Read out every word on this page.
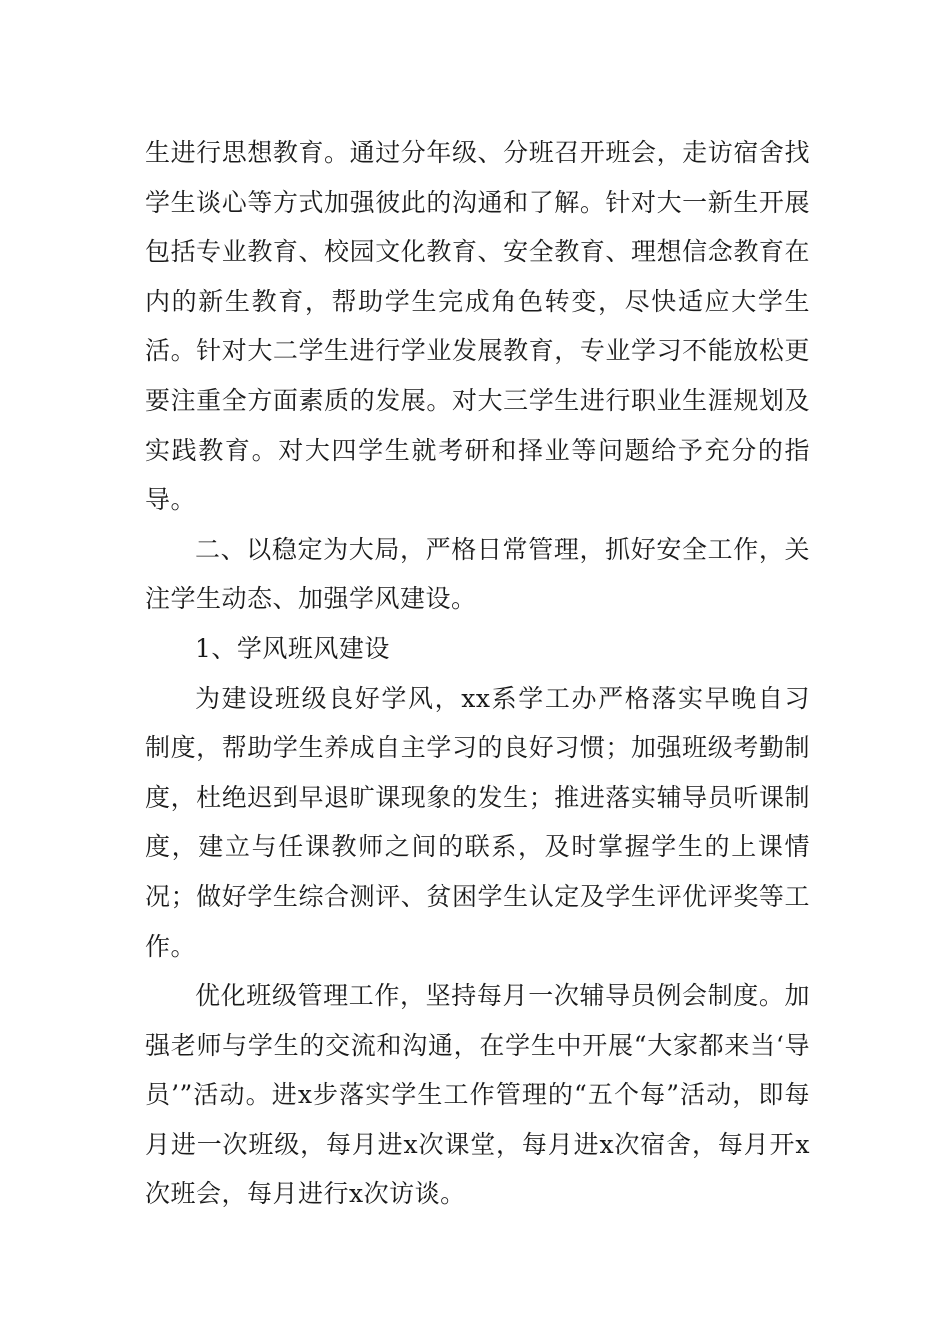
生进行思想教育。通过分年级、分班召开班会，走访宿舍找学生谈心等方式加强彼此的沟通和了解。针对大一新生开展包括专业教育、校园文化教育、安全教育、理想信念教育在内的新生教育，帮助学生完成角色转变，尽快适应大学生活。针对大二学生进行学业发展教育，专业学习不能放松更要注重全方面素质的发展。对大三学生进行职业生涯规划及实践教育。对大四学生就考研和择业等问题给予充分的指导。

二、以稳定为大局，严格日常管理，抓好安全工作，关注学生动态、加强学风建设。

1、学风班风建设

为建设班级良好学风，xx系学工办严格落实早晚自习制度，帮助学生养成自主学习的良好习惯；加强班级考勤制度，杜绝迟到早退旷课现象的发生；推进落实辅导员听课制度，建立与任课教师之间的联系，及时掌握学生的上课情况；做好学生综合测评、贫困学生认定及学生评优评奖等工作。

优化班级管理工作，坚持每月一次辅导员例会制度。加强老师与学生的交流和沟通，在学生中开展“大家都来当‘导员’”活动。进x步落实学生工作管理的“五个每”活动，即每月进一次班级，每月进x次课堂，每月进x次宿舍，每月开x次班会，每月进行x次访谈。
